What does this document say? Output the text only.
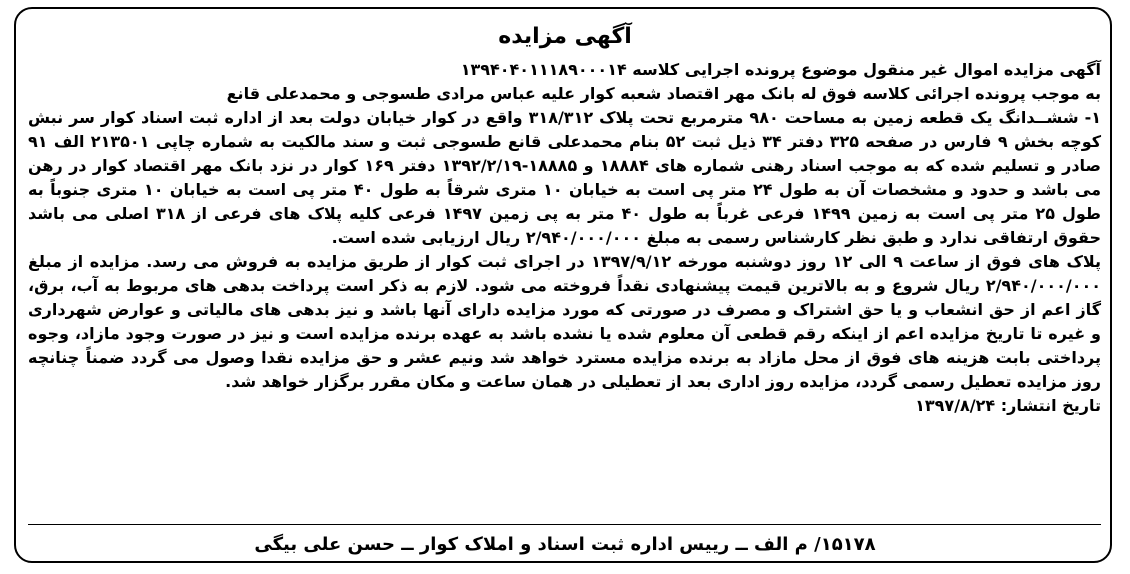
آگهی مزایده

آگهی مزایده اموال غیر منقول موضوع پرونده اجرایی کلاسه ۱۳۹۴۰۴۰۱۱۱۸۹۰۰۰۱۴

به موجب پرونده اجرائی کلاسه فوق له بانک مهر اقتصاد شعبه کوار علیه عباس مرادی طسوجی و محمدعلی قانع

۱- ششــدانگ یک قطعه زمین به مساحت ۹۸۰ مترمربع تحت پلاک ۳۱۸/۳۱۲ واقع در کوار خیابان دولت بعد از اداره ثبت اسناد کوار سر نبش کوچه بخش ۹ فارس در صفحه ۳۲۵ دفتر ۳۴ ذیل ثبت ۵۲ بنام محمدعلی قانع طسوجی ثبت و سند مالکیت به شماره چاپی ۲۱۳۵۰۱ الف ۹۱ صادر و تسلیم شده که به موجب اسناد رهنی شماره های ۱۸۸۸۴ و ۱۸۸۸۵-۱۳۹۲/۲/۱۹ دفتر ۱۶۹ کوار در نزد بانک مهر اقتصاد کوار در رهن می باشد و حدود و مشخصات آن به طول ۲۴ متر پی است به خیابان ۱۰ متری شرقاً به طول ۴۰ متر پی است به خیابان ۱۰ متری جنوباً به طول ۲۵ متر پی است به زمین ۱۴۹۹ فرعی غرباً به طول ۴۰ متر به پی زمین ۱۴۹۷ فرعی کلیه پلاک های فرعی از ۳۱۸ اصلی می باشد حقوق ارتفاقی ندارد و طبق نظر کارشناس رسمی به مبلغ ۲/۹۴۰/۰۰۰/۰۰۰ ریال ارزیابی شده است.

پلاک های فوق از ساعت ۹ الی ۱۲ روز دوشنبه مورخه ۱۳۹۷/۹/۱۲ در اجرای ثبت کوار از طریق مزایده به فروش می رسد. مزایده از مبلغ ۲/۹۴۰/۰۰۰/۰۰۰ ریال شروع و به بالاترین قیمت پیشنهادی نقداً فروخته می شود. لازم به ذکر است پرداخت بدهی های مربوط به آب، برق، گاز اعم از حق انشعاب و یا حق اشتراک و مصرف در صورتی که مورد مزایده دارای آنها باشد و نیز بدهی های مالیاتی و عوارض شهرداری و غیره تا تاریخ مزایده اعم از اینکه رقم قطعی آن معلوم شده یا نشده باشد به عهده برنده مزایده است و نیز در صورت وجود مازاد، وجوه پرداختی بابت هزینه های فوق از محل مازاد به برنده مزایده مسترد خواهد شد ونیم عشر و حق مزایده نقدا وصول می گردد ضمناً چنانچه روز مزایده تعطیل رسمی گردد، مزایده روز اداری بعد از تعطیلی در همان ساعت و مکان مقرر برگزار خواهد شد.

تاریخ انتشار: ۱۳۹۷/۸/۲۴

۱۵۱۷۸/ م الف ــ رییس اداره ثبت اسناد و املاک کوار ــ حسن علی بیگی
